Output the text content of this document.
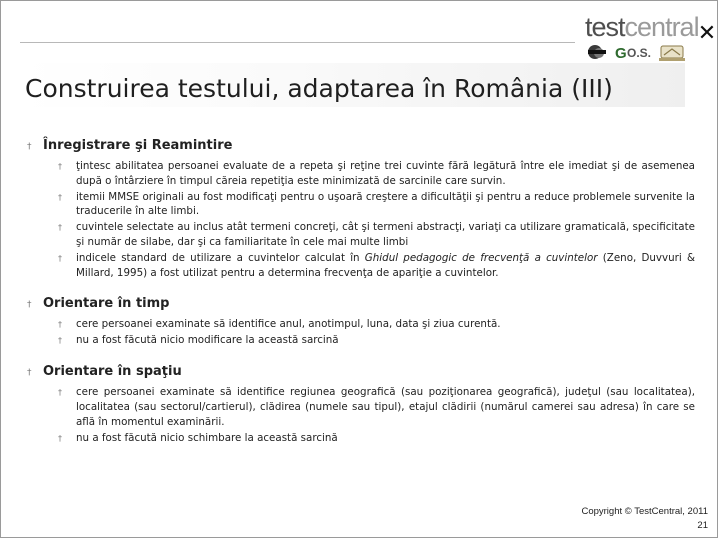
testcentral ✕
G O.S.
Construirea testului, adaptarea în România (III)
† Înregistrare şi Reamintire
†	ţintesc abilitatea persoanei evaluate de a repeta şi reţine trei cuvinte fără legătură între ele imediat şi de asemenea după o întârziere în timpul căreia repetiţia este minimizată de sarcinile care survin.
†	itemii MMSE originali au fost modificaţi pentru o uşoară creştere a dificultăţii şi pentru a reduce problemele survenite la traducerile în alte limbi.
†	cuvintele selectate au inclus atât termeni concreţi, cât şi termeni abstracţi, variaţi ca utilizare gramaticală, specificitate şi număr de silabe, dar şi ca familiaritate în cele mai multe limbi
†	indicele standard de utilizare a cuvintelor calculat în Ghidul pedagogic de frecvenţă a cuvintelor (Zeno, Duvvuri & Millard, 1995) a fost utilizat pentru a determina frecvenţa de apariţie a cuvintelor.
† Orientare în timp
†	cere persoanei examinate să identifice anul, anotimpul, luna, data şi ziua curentă.
†	nu a fost făcută nicio modificare la această sarcină
† Orientare în spaţiu
†	cere persoanei examinate să identifice regiunea geografică (sau poziţionarea geografică), judeţul (sau localitatea), localitatea (sau sectorul/cartierul), clădirea (numele sau tipul), etajul clădirii (numărul camerei sau adresa) în care se află în momentul examinării.
†	nu a fost făcută nicio schimbare la această sarcină
Copyright © TestCentral, 2011
21
